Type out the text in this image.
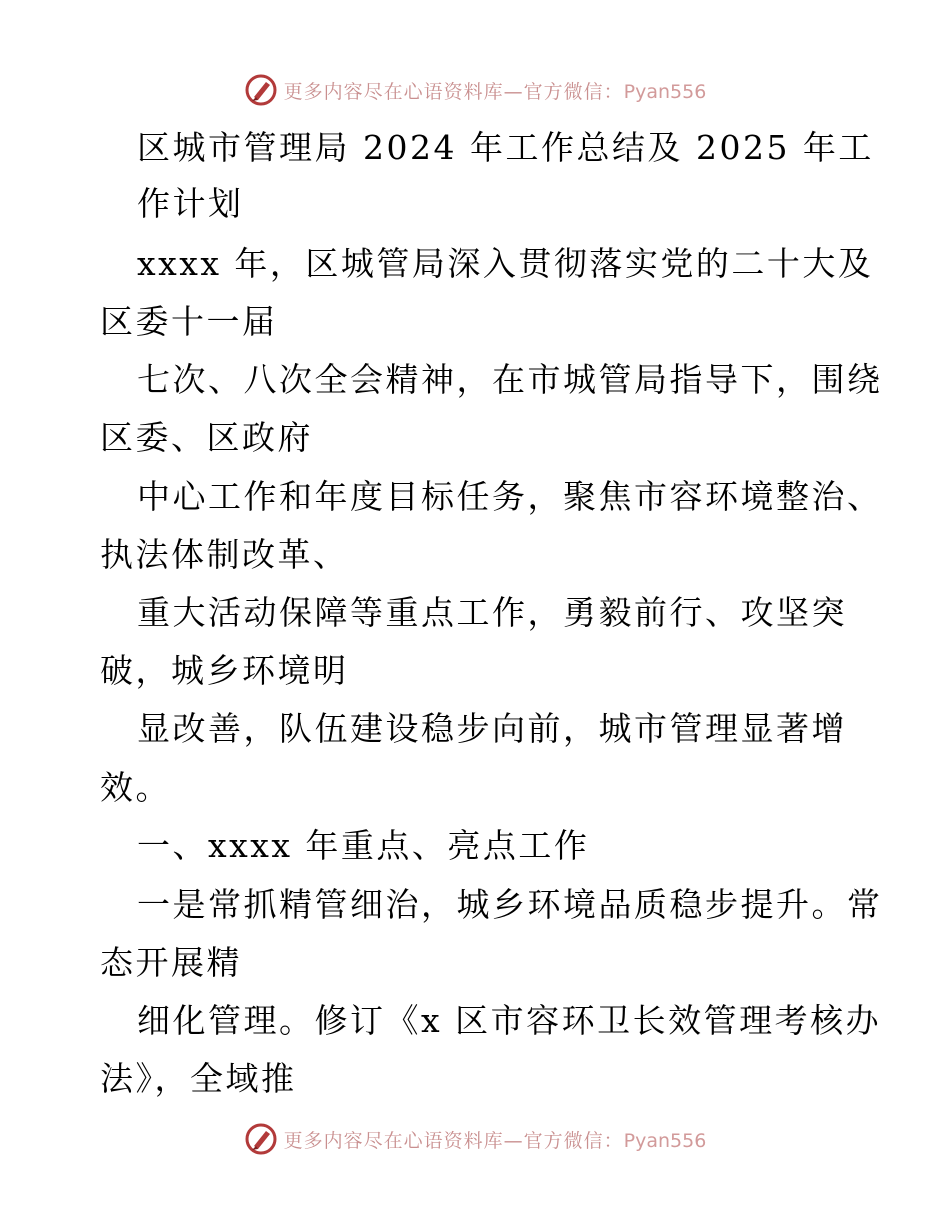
更多内容尽在心语资料库—官方微信：Pyan556
区城市管理局 2024 年工作总结及 2025 年工
作计划
xxxx 年，区城管局深入贯彻落实党的二十大及
区委十一届
七次、八次全会精神，在市城管局指导下，围绕
区委、区政府
中心工作和年度目标任务，聚焦市容环境整治、
执法体制改革、
重大活动保障等重点工作，勇毅前行、攻坚突
破，城乡环境明
显改善，队伍建设稳步向前，城市管理显著增
效。
一、xxxx 年重点、亮点工作
一是常抓精管细治，城乡环境品质稳步提升。常
态开展精
细化管理。修订《x 区市容环卫长效管理考核办
法》，全域推
更多内容尽在心语资料库—官方微信：Pyan556
